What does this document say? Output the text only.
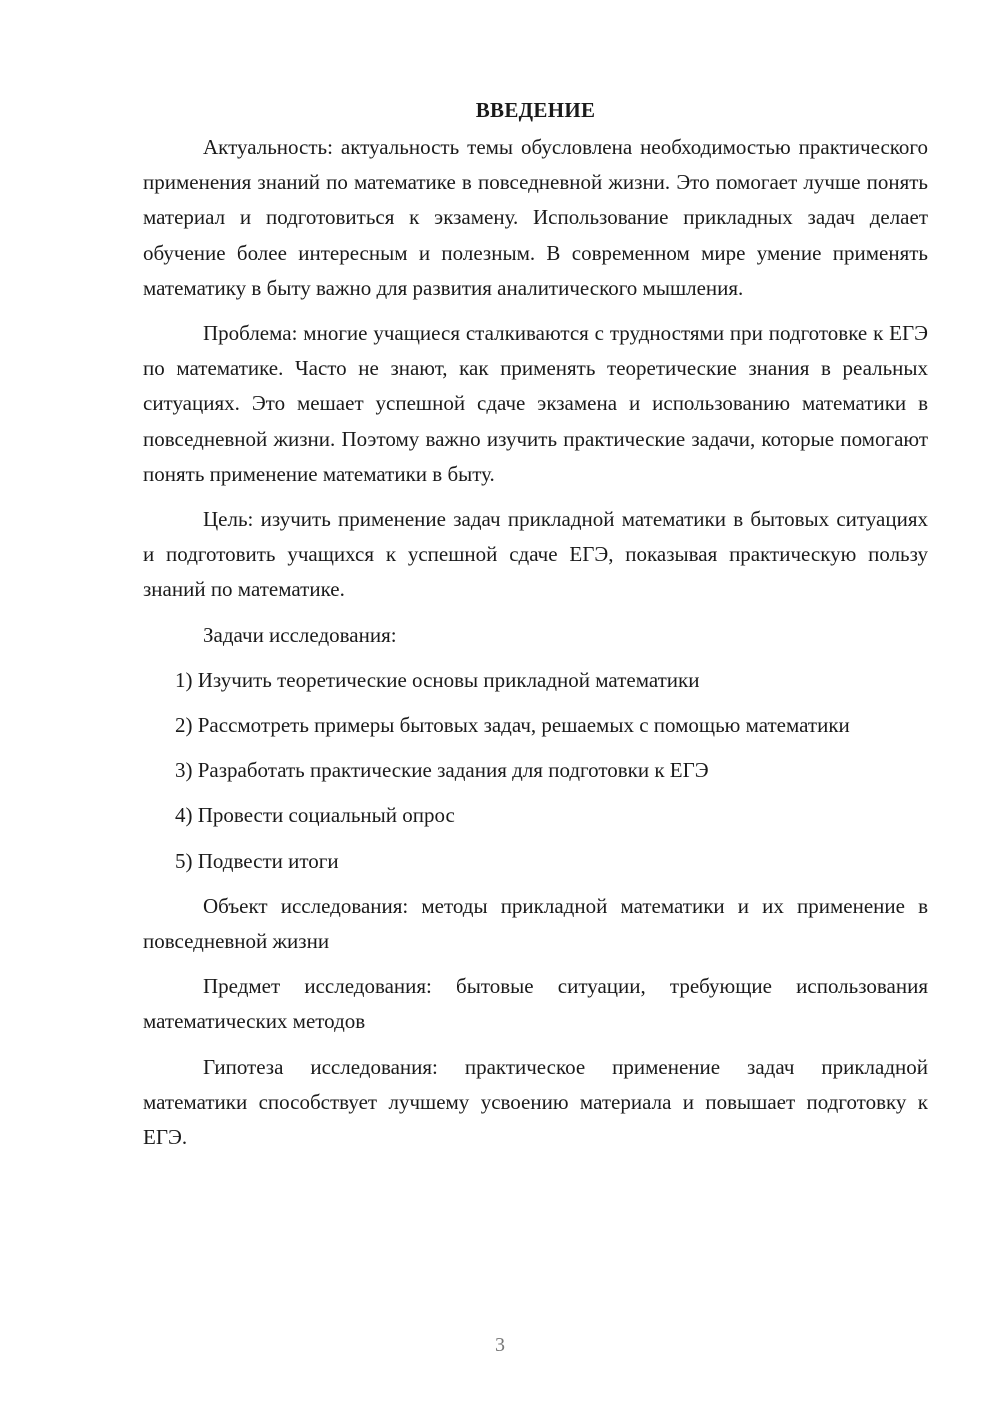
ВВЕДЕНИЕ

Актуальность: актуальность темы обусловлена необходимостью практического применения знаний по математике в повседневной жизни. Это помогает лучше понять материал и подготовиться к экзамену. Использование прикладных задач делает обучение более интересным и полезным. В современном мире умение применять математику в быту важно для развития аналитического мышления.

Проблема: многие учащиеся сталкиваются с трудностями при подготовке к ЕГЭ по математике. Часто не знают, как применять теоретические знания в реальных ситуациях. Это мешает успешной сдаче экзамена и использованию математики в повседневной жизни. Поэтому важно изучить практические задачи, которые помогают понять применение математики в быту.

Цель: изучить применение задач прикладной математики в бытовых ситуациях и подготовить учащихся к успешной сдаче ЕГЭ, показывая практическую пользу знаний по математике.

Задачи исследования:

1) Изучить теоретические основы прикладной математики

2) Рассмотреть примеры бытовых задач, решаемых с помощью математики

3) Разработать практические задания для подготовки к ЕГЭ

4) Провести социальный опрос

5) Подвести итоги

Объект исследования: методы прикладной математики и их применение в повседневной жизни

Предмет исследования: бытовые ситуации, требующие использования математических методов

Гипотеза исследования: практическое применение задач прикладной математики способствует лучшему усвоению материала и повышает подготовку к ЕГЭ.

3
